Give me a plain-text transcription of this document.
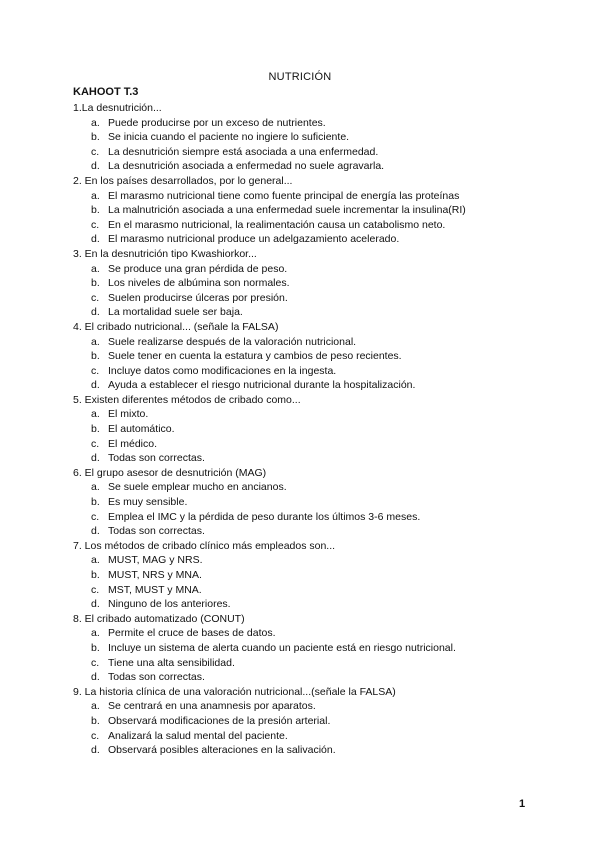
NUTRICIÓN
KAHOOT T.3
1.La desnutrición...
a. Puede producirse por un exceso de nutrientes.
b. Se inicia cuando el paciente no ingiere lo suficiente.
c. La desnutrición siempre está asociada a una enfermedad.
d. La desnutrición asociada a enfermedad no suele agravarla.
2. En los países desarrollados, por lo general...
a. El marasmo nutricional tiene como fuente principal de energía las proteínas
b. La malnutrición asociada a una enfermedad suele incrementar la insulina(RI)
c. En el marasmo nutricional, la realimentación causa un catabolismo neto.
d. El marasmo nutricional produce un adelgazamiento acelerado.
3. En la desnutrición tipo Kwashiorkor...
a. Se produce una gran pérdida de peso.
b. Los niveles de albúmina son normales.
c. Suelen producirse úlceras por presión.
d. La mortalidad suele ser baja.
4. El cribado nutricional... (señale la FALSA)
a. Suele realizarse después de la valoración nutricional.
b. Suele tener en cuenta la estatura y cambios de peso recientes.
c. Incluye datos como modificaciones en la ingesta.
d. Ayuda a establecer el riesgo nutricional durante la hospitalización.
5. Existen diferentes métodos de cribado como...
a. El mixto.
b. El automático.
c. El médico.
d. Todas son correctas.
6. El grupo asesor de desnutrición (MAG)
a. Se suele emplear mucho en ancianos.
b. Es muy sensible.
c. Emplea el IMC y la pérdida de peso durante los últimos 3-6 meses.
d. Todas son correctas.
7. Los métodos de cribado clínico más empleados son...
a. MUST, MAG y NRS.
b. MUST, NRS y MNA.
c. MST, MUST y MNA.
d. Ninguno de los anteriores.
8. El cribado automatizado (CONUT)
a. Permite el cruce de bases de datos.
b. Incluye un sistema de alerta cuando un paciente está en riesgo nutricional.
c. Tiene una alta sensibilidad.
d. Todas son correctas.
9. La historia clínica de una valoración nutricional...(señale la FALSA)
a. Se centrará en una anamnesis por aparatos.
b. Observará modificaciones de la presión arterial.
c. Analizará la salud mental del paciente.
d. Observará posibles alteraciones en la salivación.
1
